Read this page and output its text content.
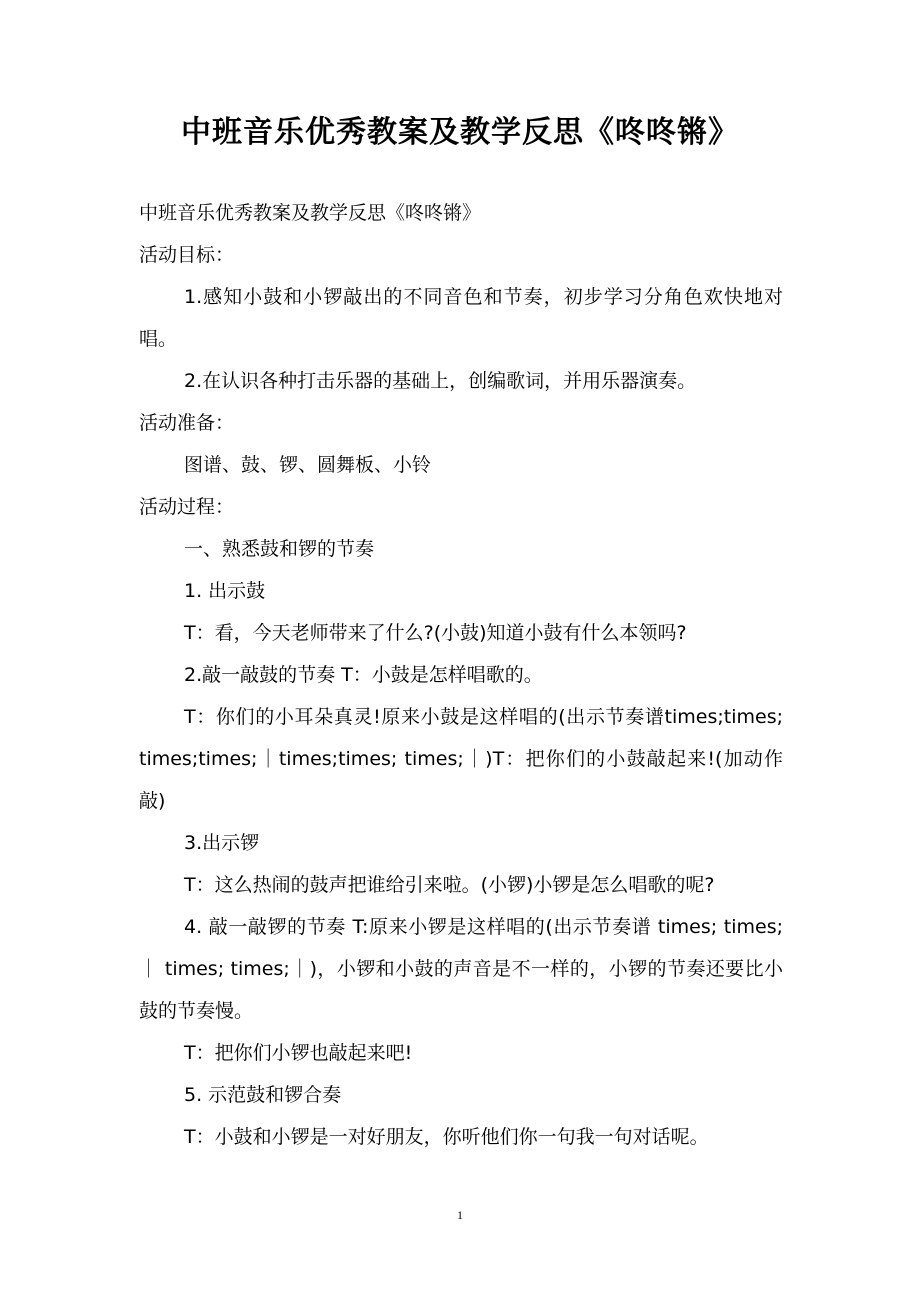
中班音乐优秀教案及教学反思《咚咚锵》

中班音乐优秀教案及教学反思《咚咚锵》

活动目标：

1.感知小鼓和小锣敲出的不同音色和节奏，初步学习分角色欢快地对唱。

2.在认识各种打击乐器的基础上，创编歌词，并用乐器演奏。

活动准备：

图谱、鼓、锣、圆舞板、小铃

活动过程：

一、熟悉鼓和锣的节奏

1. 出示鼓

T：看，今天老师带来了什么?(小鼓)知道小鼓有什么本领吗?

2.敲一敲鼓的节奏 T：小鼓是怎样唱歌的。

T：你们的小耳朵真灵!原来小鼓是这样唱的(出示节奏谱times;times; times;times;｜times;times; times;｜)T：把你们的小鼓敲起来!(加动作敲)

3.出示锣

T：这么热闹的鼓声把谁给引来啦。(小锣)小锣是怎么唱歌的呢?

4. 敲一敲锣的节奏 T:原来小锣是这样唱的(出示节奏谱 times; times;｜ times; times;｜)，小锣和小鼓的声音是不一样的，小锣的节奏还要比小鼓的节奏慢。

T：把你们小锣也敲起来吧!

5. 示范鼓和锣合奏

T：小鼓和小锣是一对好朋友，你听他们你一句我一句对话呢。

1
